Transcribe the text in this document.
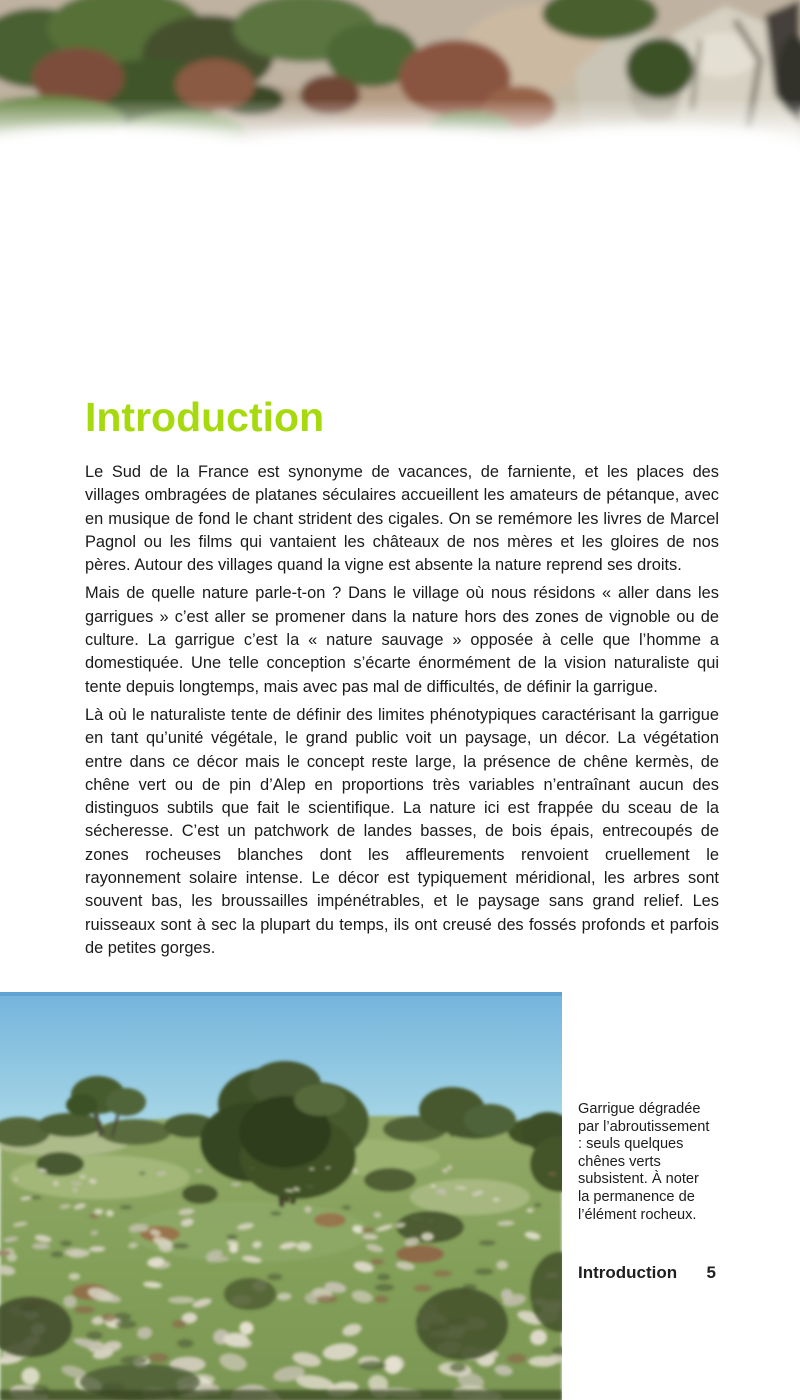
Introduction

Le Sud de la France est synonyme de vacances, de farniente, et les places des villages ombragées de platanes séculaires accueillent les amateurs de pétanque, avec en musique de fond le chant strident des cigales. On se remémore les livres de Marcel Pagnol ou les films qui vantaient les châteaux de nos mères et les gloires de nos pères. Autour des villages quand la vigne est absente la nature reprend ses droits.

Mais de quelle nature parle-t-on ? Dans le village où nous résidons « aller dans les garrigues » c’est aller se promener dans la nature hors des zones de vignoble ou de culture. La garrigue c’est la « nature sauvage » opposée à celle que l’homme a domestiquée. Une telle conception s’écarte énormément de la vision naturaliste qui tente depuis longtemps, mais avec pas mal de difficultés, de définir la garrigue.

Là où le naturaliste tente de définir des limites phénotypiques caractérisant la garrigue en tant qu’unité végétale, le grand public voit un paysage, un décor. La végétation entre dans ce décor mais le concept reste large, la présence de chêne kermès, de chêne vert ou de pin d’Alep en proportions très variables n’entraînant aucun des distinguos subtils que fait le scientifique. La nature ici est frappée du sceau de la sécheresse. C’est un patchwork de landes basses, de bois épais, entrecoupés de zones rocheuses blanches dont les affleurements renvoient cruellement le rayonnement solaire intense. Le décor est typiquement méridional, les arbres sont souvent bas, les broussailles impénétrables, et le paysage sans grand relief. Les ruisseaux sont à sec la plupart du temps, ils ont creusé des fossés profonds et parfois de petites gorges.

Garrigue dégradée par l’abroutissement : seuls quelques chênes verts subsistent. À noter la permanence de l’élément rocheux.
Introduction 5
